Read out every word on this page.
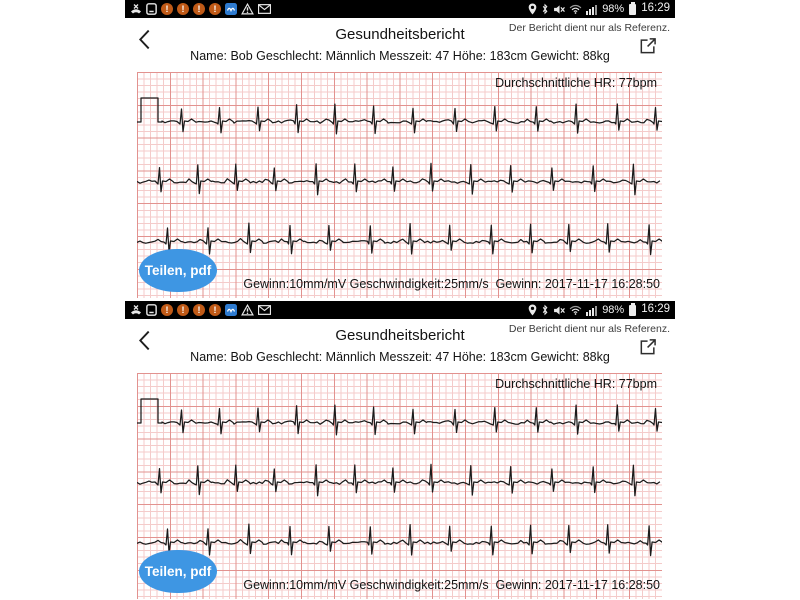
!
!
!
!
98% 16:29
Gesundheitsbericht	Der Bericht dient nur als Referenz.
Name: Bob Geschlecht: Männlich Messzeit: 47 Höhe: 183cm Gewicht: 88kg
Durchschnittliche HR: 77bpm
Teilen, pdf
Gewinn:10mm/mV Geschwindigkeit:25mm/s  Gewinn: 2017-11-17 16:28:50
!
!
!
!
98% 16:29
Gesundheitsbericht	Der Bericht dient nur als Referenz.
Name: Bob Geschlecht: Männlich Messzeit: 47 Höhe: 183cm Gewicht: 88kg
Durchschnittliche HR: 77bpm
Teilen, pdf
Gewinn:10mm/mV Geschwindigkeit:25mm/s  Gewinn: 2017-11-17 16:28:50
